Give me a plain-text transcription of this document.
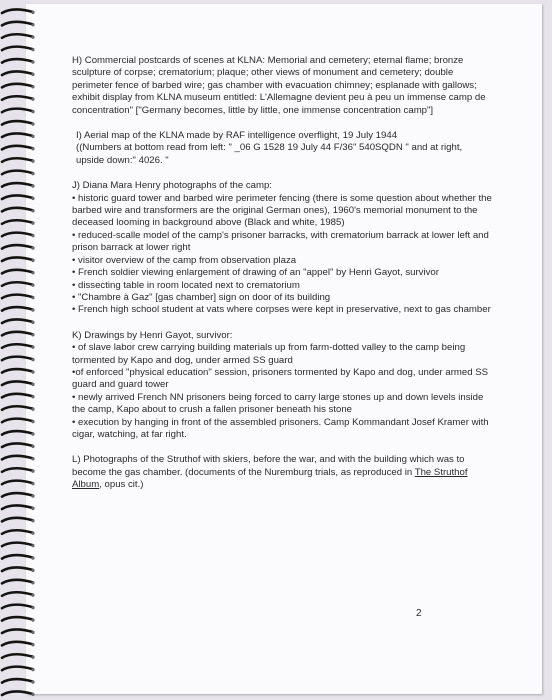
H) Commercial postcards of scenes at KLNA: Memorial and cemetery; eternal flame; bronze sculpture of corpse; crematorium; plaque; other views of monument and cemetery; double perimeter fence of barbed wire; gas chamber with evacuation chimney; esplanade with gallows; exhibit display from KLNA museum entitled: L'Allemagne devient peu à peu un immense camp de concentration" ["Germany becomes, little by little, one immense concentration camp"]

I) Aerial map of the KLNA made by RAF intelligence overflight, 19 July 1944

((Numbers at bottom read from left: " _06 G 1528 19 July 44 F/36" 540SQDN " and at right, upside down:" 4026. "

J) Diana Mara Henry photographs of the camp:

• historic guard tower and barbed wire perimeter fencing (there is some question about whether the barbed wire and transformers are the original German ones), 1960's memorial monument to the deceased looming in background above (Black and white, 1985)

• reduced-scalle model of the camp's prisoner barracks, with crematorium barrack at lower left and prison barrack at lower right

• visitor overview of the camp from observation plaza

• French soldier viewing enlargement of drawing of an "appel" by Henri Gayot, survivor

• dissecting table in room located next to crematorium

• "Chambre à Gaz" [gas chamber] sign on door of its building

• French high school student at vats where corpses were kept in preservative, next to gas chamber

K) Drawings by Henri Gayot, survivor:

• of slave labor crew carrying building materials up from farm-dotted valley to the camp being tormented by Kapo and dog, under armed SS guard

•of enforced "physical education" session, prisoners tormented by Kapo and dog, under armed SS guard and guard tower

• newly arrived French NN prisoners being forced to carry large stones up and down levels inside the camp, Kapo about to crush a fallen prisoner beneath his stone

• execution by hanging in front of the assembled prisoners. Camp Kommandant Josef Kramer with cigar, watching, at far right.

L) Photographs of the Struthof with skiers, before the war, and with the building which was to become the gas chamber. (documents of the Nuremburg trials, as reproduced in The Struthof Album, opus cit.)

2
